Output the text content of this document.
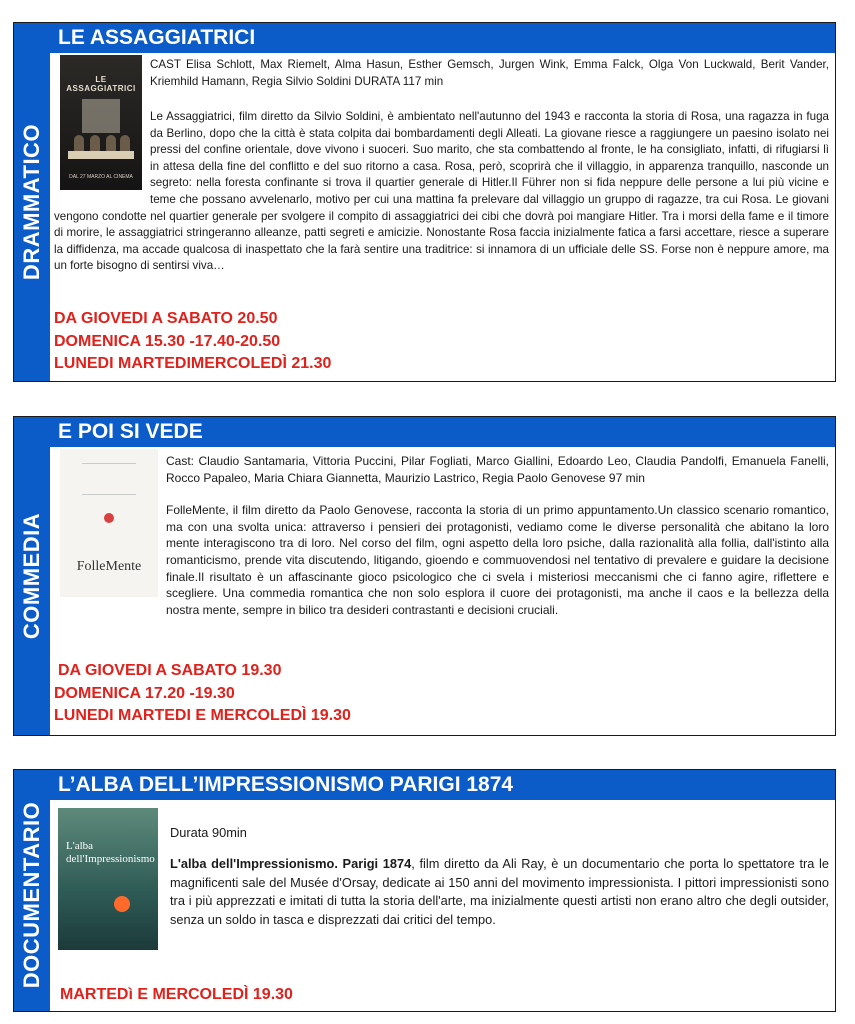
DRAMMATICO
LE ASSAGGIATRICI
LE ASSAGGIATRICI
DAL 27 MARZO AL CINEMA

CAST Elisa Schlott, Max Riemelt, Alma Hasun, Esther Gemsch, Jurgen Wink, Emma Falck, Olga Von Luckwald, Berit Vander, Kriemhild Hamann, Regia Silvio Soldini DURATA 117 min

Le Assaggiatrici, film diretto da Silvio Soldini, è ambientato nell'autunno del 1943 e racconta la storia di Rosa, una ragazza in fuga da Berlino, dopo che la città è stata colpita dai bombardamenti degli Alleati. La giovane riesce a raggiungere un paesino isolato nei pressi del confine orientale, dove vivono i suoceri. Suo marito, che sta combattendo al fronte, le ha consigliato, infatti, di rifugiarsi lì in attesa della fine del conflitto e del suo ritorno a casa. Rosa, però, scoprirà che il villaggio, in apparenza tranquillo, nasconde un segreto: nella foresta confinante si trova il quartier generale di Hitler.Il Führer non si fida neppure delle persone a lui più vicine e teme che possano avvelenarlo, motivo per cui una mattina fa prelevare dal villaggio un gruppo di ragazze, tra cui Rosa. Le giovani vengono condotte nel quartier generale per svolgere il compito di assaggiatrici dei cibi che dovrà poi mangiare Hitler. Tra i morsi della fame e il timore di morire, le assaggiatrici stringeranno alleanze, patti segreti e amicizie. Nonostante Rosa faccia inizialmente fatica a farsi accettare, riesce a superare la diffidenza, ma accade qualcosa di inaspettato che la farà sentire una traditrice: si innamora di un ufficiale delle SS. Forse non è neppure amore, ma un forte bisogno di sentirsi viva…

DA GIOVEDI A SABATO 20.50
DOMENICA 15.30 -17.40-20.50
LUNEDI MARTEDIMERCOLEDÌ 21.30
COMMEDIA
E POI SI VEDE
FolleMente

Cast: Claudio Santamaria, Vittoria Puccini, Pilar Fogliati, Marco Giallini, Edoardo Leo, Claudia Pandolfi, Emanuela Fanelli, Rocco Papaleo, Maria Chiara Giannetta, Maurizio Lastrico, Regia Paolo Genovese 97 min

FolleMente, il film diretto da Paolo Genovese, racconta la storia di un primo appuntamento.Un classico scenario romantico, ma con una svolta unica: attraverso i pensieri dei protagonisti, vediamo come le diverse personalità che abitano la loro mente interagiscono tra di loro. Nel corso del film, ogni aspetto della loro psiche, dalla razionalità alla follia, dall'istinto alla romanticismo, prende vita discutendo, litigando, gioendo e commuovendosi nel tentativo di prevalere e guidare la decisione finale.Il risultato è un affascinante gioco psicologico che ci svela i misteriosi meccanismi che ci fanno agire, riflettere e scegliere. Una commedia romantica che non solo esplora il cuore dei protagonisti, ma anche il caos e la bellezza della nostra mente, sempre in bilico tra desideri contrastanti e decisioni cruciali.

DA GIOVEDI A SABATO 19.30
DOMENICA 17.20 -19.30
LUNEDI MARTEDI E MERCOLEDÌ 19.30
DOCUMENTARIO
L’ALBA DELL’IMPRESSIONISMO PARIGI 1874
L'alba dell'Impressionismo

Durata 90min

L'alba dell'Impressionismo. Parigi 1874, film diretto da Ali Ray, è un documentario che porta lo spettatore tra le magnificenti sale del Musée d'Orsay, dedicate ai 150 anni del movimento impressionista. I pittori impressionisti sono tra i più apprezzati e imitati di tutta la storia dell'arte, ma inizialmente questi artisti non erano altro che degli outsider, senza un soldo in tasca e disprezzati dai critici del tempo.

MARTEDì E MERCOLEDÌ 19.30
